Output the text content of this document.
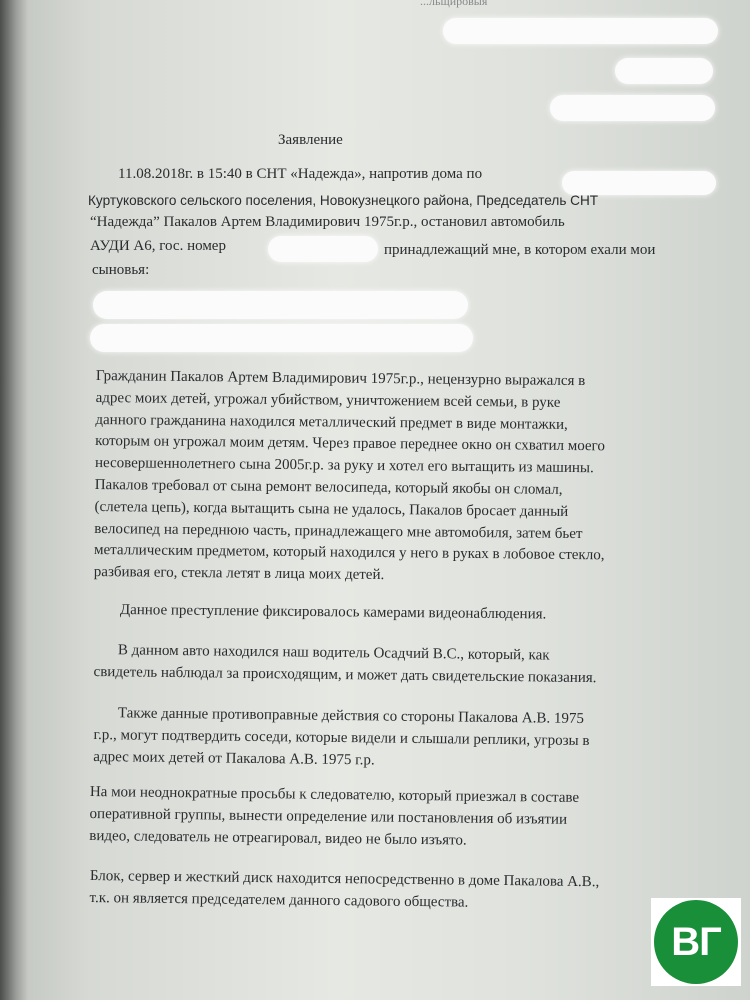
...льщировыя
Заявление
11.08.2018г. в 15:40 в СНТ «Надежда», напротив дома по
Куртуковского сельского поселения, Новокузнецкого района, Председатель СНТ
“Надежда” Пакалов Артем Владимирович 1975г.р., остановил автомобиль
АУДИ А6, гос. номер	принадлежащий мне, в котором ехали мои
сыновья:
Гражданин Пакалов Артем Владимирович 1975г.р., нецензурно выражался в
адрес моих детей, угрожал убийством, уничтожением всей семьи, в руке
данного гражданина находился металлический предмет в виде монтажки,
которым он угрожал моим детям. Через правое переднее окно он схватил моего
несовершеннолетнего сына 2005г.р. за руку и хотел его вытащить из машины.
Пакалов требовал от сына ремонт велосипеда, который якобы он сломал,
(слетела цепь), когда вытащить сына не удалось, Пакалов бросает данный
велосипед на переднюю часть, принадлежащего мне автомобиля, затем бьет
металлическим предметом, который находился у него в руках в лобовое стекло,
разбивая его, стекла летят в лица моих детей.
Данное преступление фиксировалось камерами видеонаблюдения.
В данном авто находился наш водитель Осадчий В.С., который, как
свидетель наблюдал за происходящим, и может дать свидетельские показания.
Также данные противоправные действия со стороны Пакалова А.В. 1975
г.р., могут подтвердить соседи, которые видели и слышали реплики, угрозы в
адрес моих детей от Пакалова А.В. 1975 г.р.
На мои неоднократные просьбы к следователю, который приезжал в составе
оперативной группы, вынести определение или постановления об изъятии
видео, следователь не отреагировал, видео не было изъято.
Блок, сервер и жесткий диск находится непосредственно в доме Пакалова А.В.,
т.к. он является председателем данного садового общества.
ВГ
